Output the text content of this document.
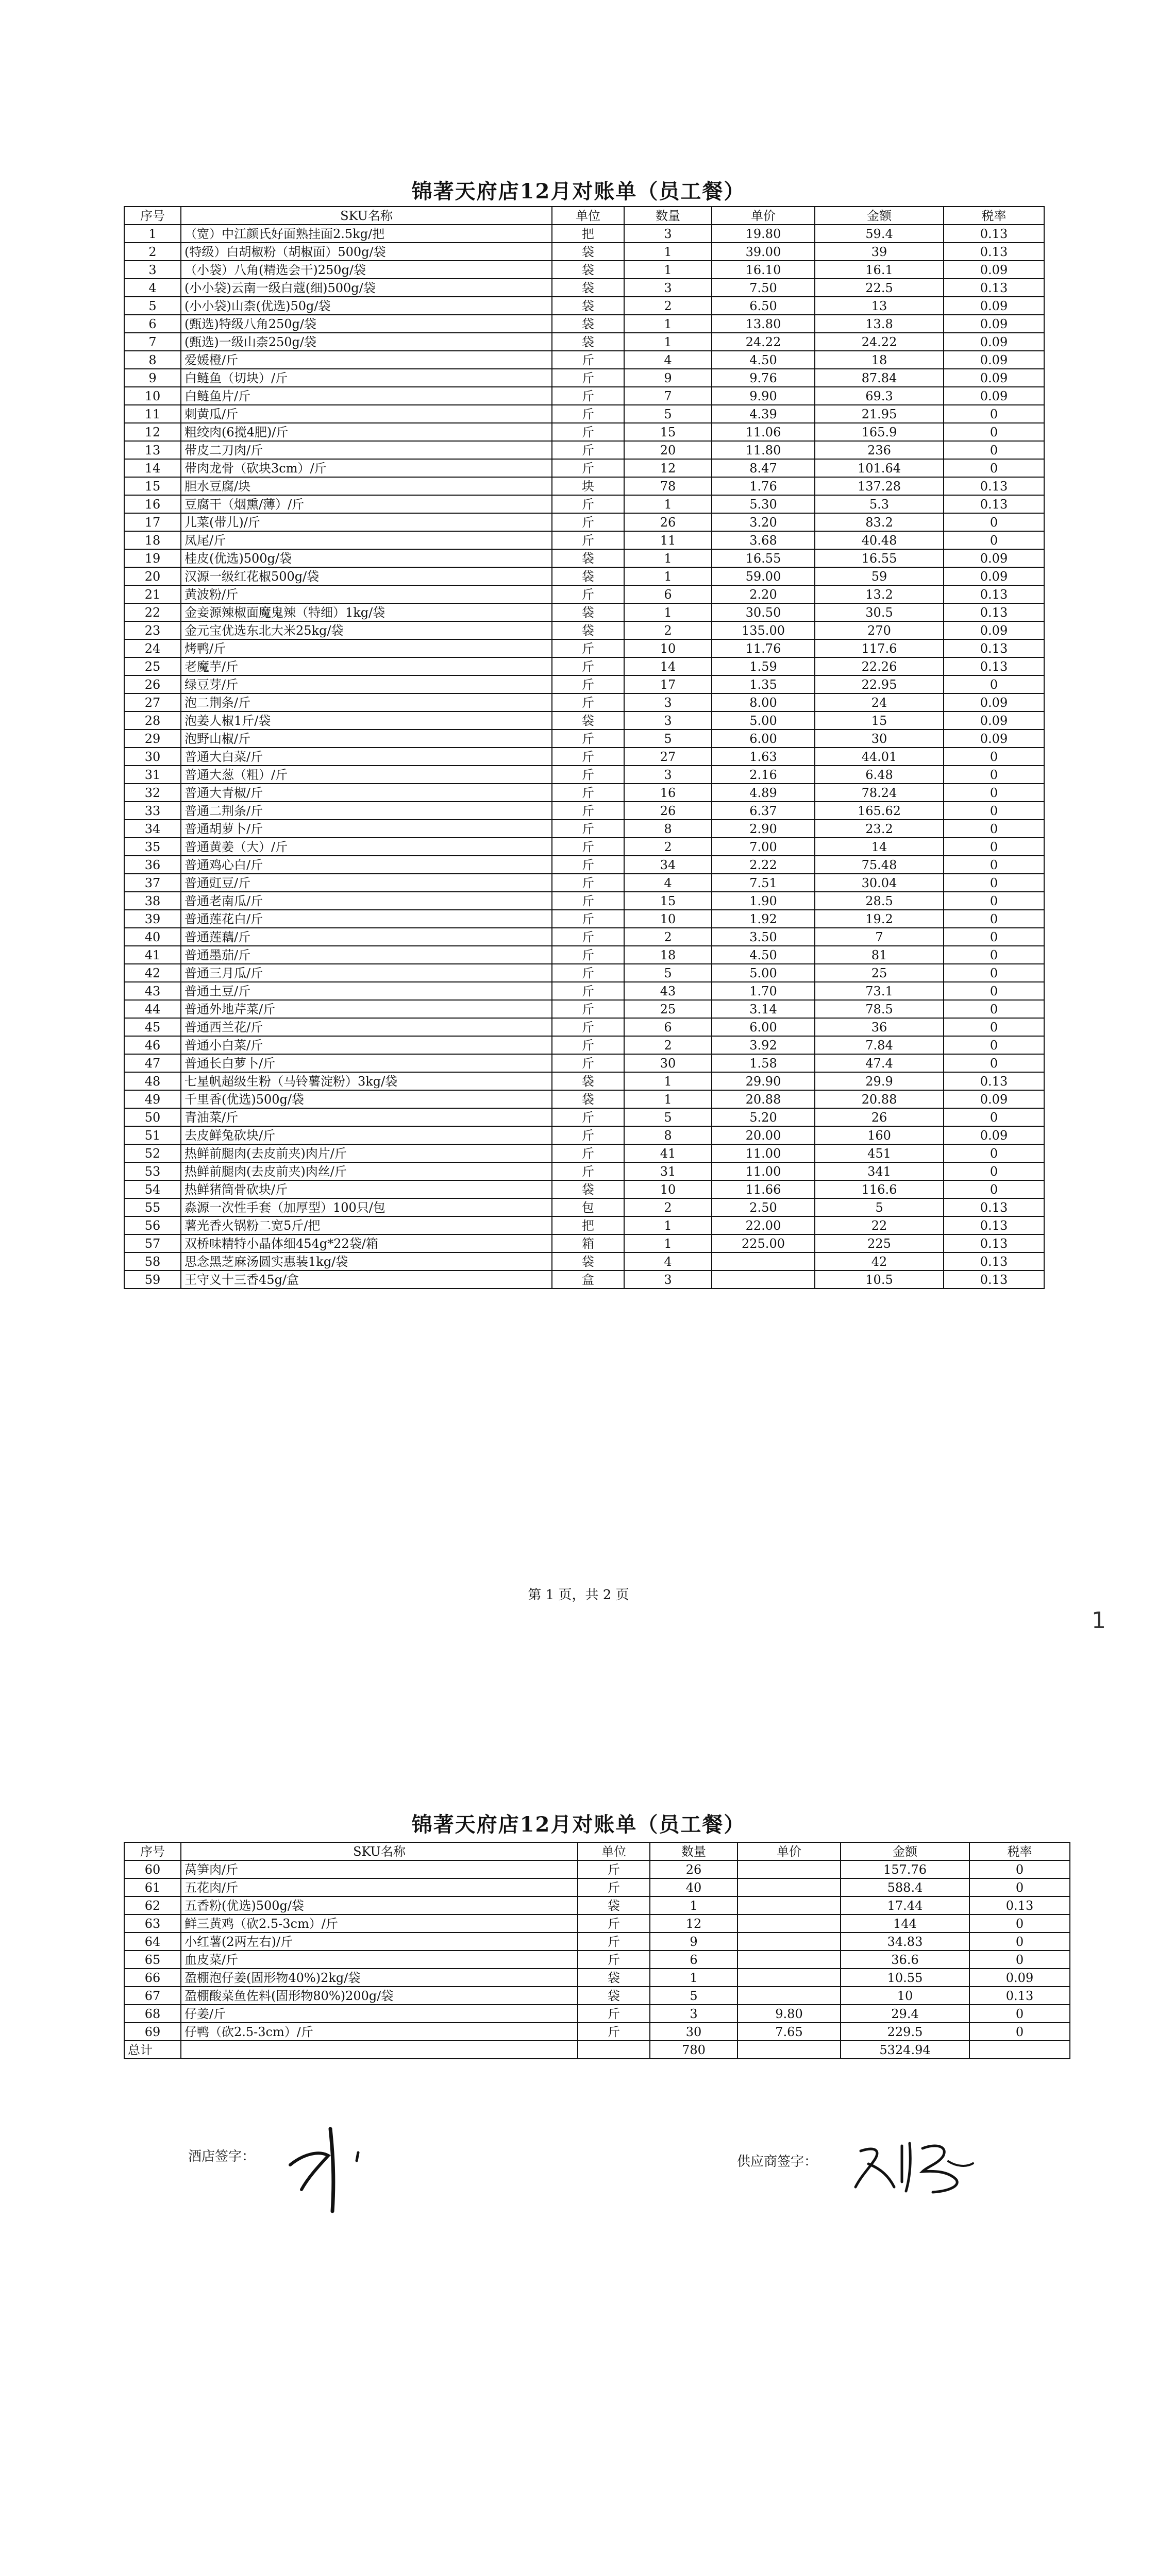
锦著天府店12月对账单（员工餐）
序号	SKU名称	单位	数量	单价	金额	税率
1	（宽）中江颜氏好面熟挂面2.5kg/把	把	3	19.80	59.4	0.13
2	(特级）白胡椒粉（胡椒面）500g/袋	袋	1	39.00	39	0.13
3	（小袋）八角(精选会干)250g/袋	袋	1	16.10	16.1	0.09
4	(小小袋)云南一级白蔻(细)500g/袋	袋	3	7.50	22.5	0.13
5	(小小袋)山柰(优选)50g/袋	袋	2	6.50	13	0.09
6	(甄选)特级八角250g/袋	袋	1	13.80	13.8	0.09
7	(甄选)一级山柰250g/袋	袋	1	24.22	24.22	0.09
8	爱媛橙/斤	斤	4	4.50	18	0.09
9	白鲢鱼（切块）/斤	斤	9	9.76	87.84	0.09
10	白鲢鱼片/斤	斤	7	9.90	69.3	0.09
11	刺黄瓜/斤	斤	5	4.39	21.95	0
12	粗绞肉(6搅4肥)/斤	斤	15	11.06	165.9	0
13	带皮二刀肉/斤	斤	20	11.80	236	0
14	带肉龙骨（砍块3cm）/斤	斤	12	8.47	101.64	0
15	胆水豆腐/块	块	78	1.76	137.28	0.13
16	豆腐干（烟熏/薄）/斤	斤	1	5.30	5.3	0.13
17	儿菜(带儿)/斤	斤	26	3.20	83.2	0
18	凤尾/斤	斤	11	3.68	40.48	0
19	桂皮(优选)500g/袋	袋	1	16.55	16.55	0.09
20	汉源一级红花椒500g/袋	袋	1	59.00	59	0.09
21	黄波粉/斤	斤	6	2.20	13.2	0.13
22	金妾源辣椒面魔鬼辣（特细）1kg/袋	袋	1	30.50	30.5	0.13
23	金元宝优选东北大米25kg/袋	袋	2	135.00	270	0.09
24	烤鸭/斤	斤	10	11.76	117.6	0.13
25	老魔芋/斤	斤	14	1.59	22.26	0.13
26	绿豆芽/斤	斤	17	1.35	22.95	0
27	泡二荆条/斤	斤	3	8.00	24	0.09
28	泡姜人椒1斤/袋	袋	3	5.00	15	0.09
29	泡野山椒/斤	斤	5	6.00	30	0.09
30	普通大白菜/斤	斤	27	1.63	44.01	0
31	普通大葱（粗）/斤	斤	3	2.16	6.48	0
32	普通大青椒/斤	斤	16	4.89	78.24	0
33	普通二荆条/斤	斤	26	6.37	165.62	0
34	普通胡萝卜/斤	斤	8	2.90	23.2	0
35	普通黄姜（大）/斤	斤	2	7.00	14	0
36	普通鸡心白/斤	斤	34	2.22	75.48	0
37	普通豇豆/斤	斤	4	7.51	30.04	0
38	普通老南瓜/斤	斤	15	1.90	28.5	0
39	普通莲花白/斤	斤	10	1.92	19.2	0
40	普通莲藕/斤	斤	2	3.50	7	0
41	普通墨茄/斤	斤	18	4.50	81	0
42	普通三月瓜/斤	斤	5	5.00	25	0
43	普通土豆/斤	斤	43	1.70	73.1	0
44	普通外地芹菜/斤	斤	25	3.14	78.5	0
45	普通西兰花/斤	斤	6	6.00	36	0
46	普通小白菜/斤	斤	2	3.92	7.84	0
47	普通长白萝卜/斤	斤	30	1.58	47.4	0
48	七星帆超级生粉（马铃薯淀粉）3kg/袋	袋	1	29.90	29.9	0.13
49	千里香(优选)500g/袋	袋	1	20.88	20.88	0.09
50	青油菜/斤	斤	5	5.20	26	0
51	去皮鲜兔砍块/斤	斤	8	20.00	160	0.09
52	热鲜前腿肉(去皮前夹)肉片/斤	斤	41	11.00	451	0
53	热鲜前腿肉(去皮前夹)肉丝/斤	斤	31	11.00	341	0
54	热鲜猪筒骨砍块/斤	袋	10	11.66	116.6	0
55	淼源一次性手套（加厚型）100只/包	包	2	2.50	5	0.13
56	薯光香火锅粉二宽5斤/把	把	1	22.00	22	0.13
57	双桥味精特小晶体细454g*22袋/箱	箱	1	225.00	225	0.13
58	思念黑芝麻汤圆实惠装1kg/袋	袋	4		42	0.13
59	王守义十三香45g/盒	盒	3		10.5	0.13
第 1 页，共 2 页
1
锦著天府店12月对账单（员工餐）
序号	SKU名称	单位	数量	单价	金额	税率
60	莴笋肉/斤	斤	26		157.76	0
61	五花肉/斤	斤	40		588.4	0
62	五香粉(优选)500g/袋	袋	1		17.44	0.13
63	鲜三黄鸡（砍2.5-3cm）/斤	斤	12		144	0
64	小红薯(2两左右)/斤	斤	9		34.83	0
65	血皮菜/斤	斤	6		36.6	0
66	盈棚泡仔姜(固形物40%)2kg/袋	袋	1		10.55	0.09
67	盈棚酸菜鱼佐料(固形物80%)200g/袋	袋	5		10	0.13
68	仔姜/斤	斤	3	9.80	29.4	0
69	仔鸭（砍2.5-3cm）/斤	斤	30	7.65	229.5	0
总计			780		5324.94	
酒店签字：	供应商签字：
